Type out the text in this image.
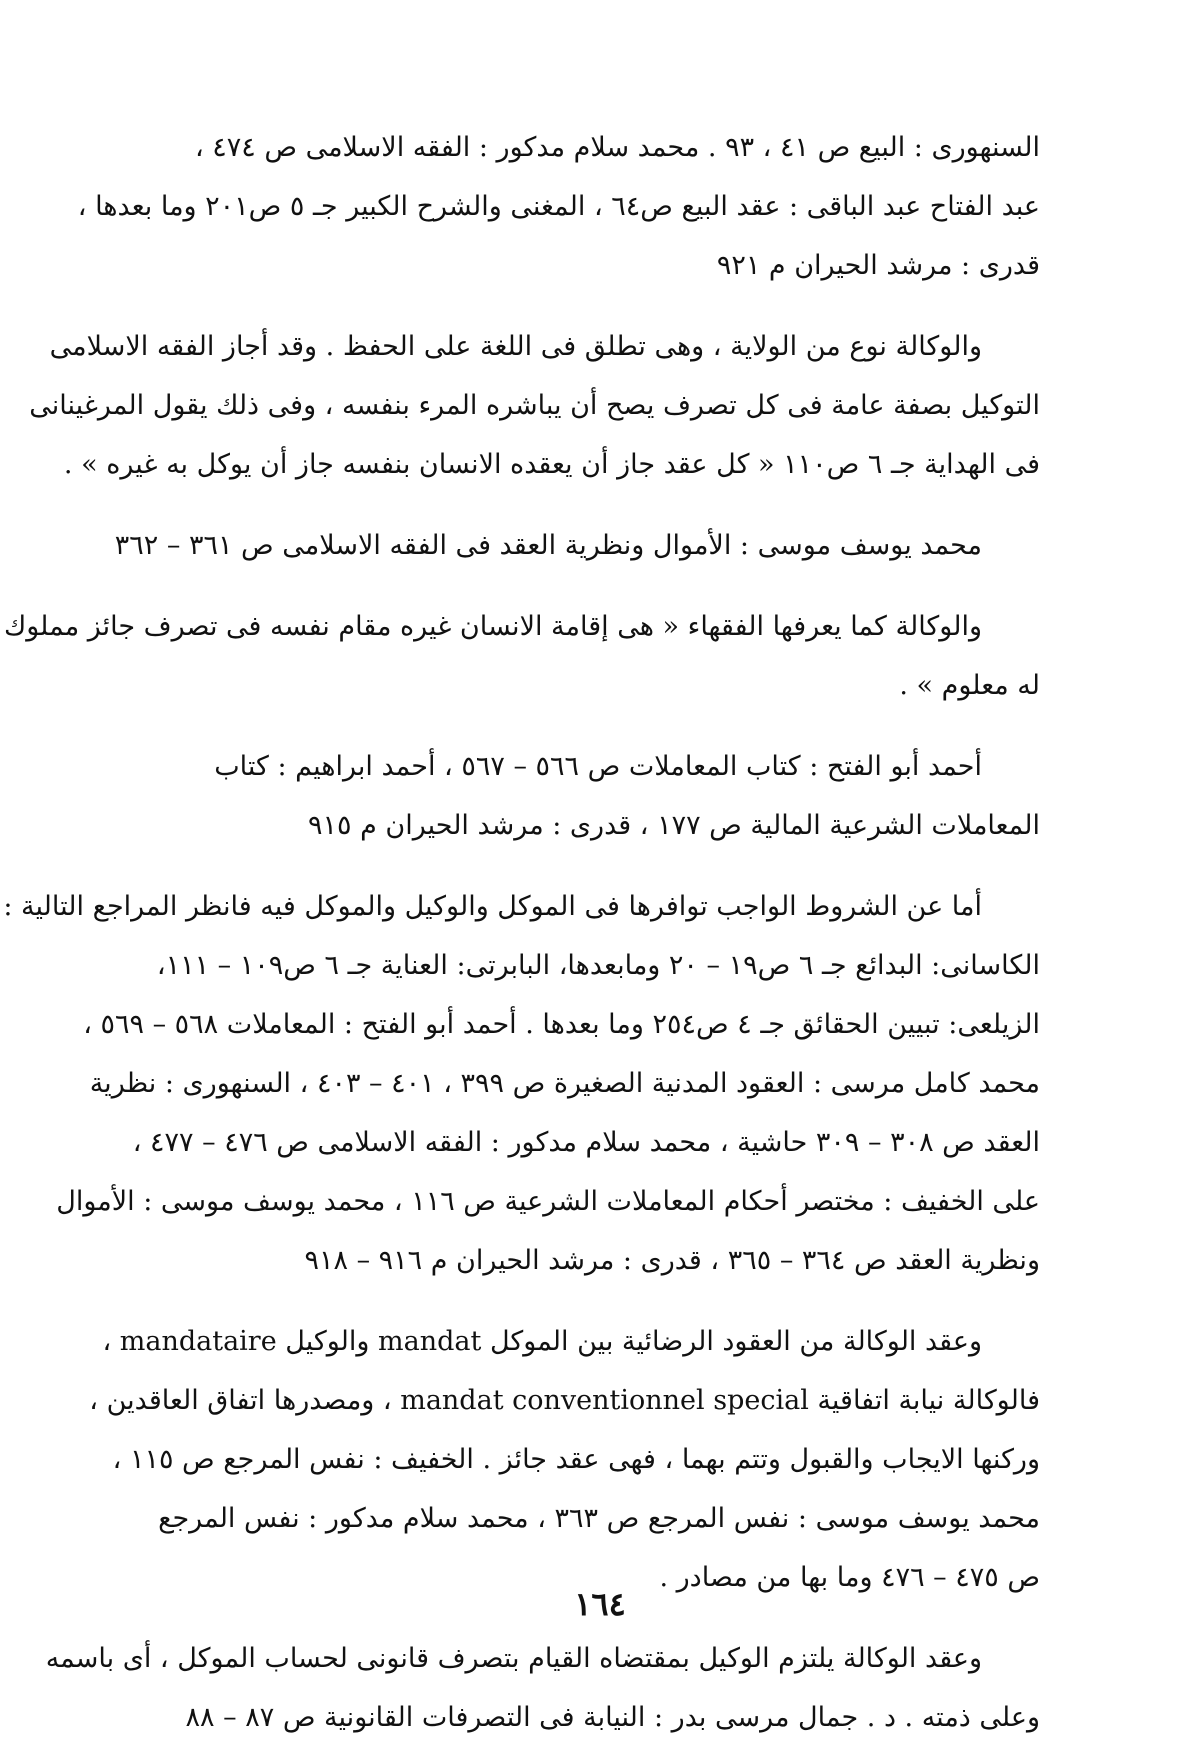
السنهوری : البیع ص ٤١ ، ٩٣ . محمد سلام مدكور : الفقه الاسلامی ص ٤٧٤ ،
عبد الفتاح عبد الباقی : عقد البیع ص٦٤ ، المغنی والشرح الكبیر جـ ٥ ص٢٠١ وما بعدها ،
قدری : مرشد الحیران م ٩٢١
والوكالة نوع من الولاية ، وهی تطلق فی اللغة علی الحفظ . وقد أجاز الفقه الاسلامی
التوكیل بصفة عامة فی كل تصرف یصح أن یباشره المرء بنفسه ، وفی ذلك یقول المرغینانی
فی الهدایة جـ ٦ ص١١٠ « كل عقد جاز أن یعقده الانسان بنفسه جاز أن یوكل به غیره » .
محمد یوسف موسی : الأموال ونظریة العقد فی الفقه الاسلامی ص ٣٦١ – ٣٦٢
والوكالة كما یعرفها الفقهاء « هی إقامة الانسان غیره مقام نفسه فی تصرف جائز مملوك
له معلوم » .
أحمد أبو الفتح : كتاب المعاملات ص ٥٦٦ – ٥٦٧ ، أحمد ابراهیم : كتاب
المعاملات الشرعیة المالیة ص ١٧٧ ، قدری : مرشد الحیران م ٩١٥
أما عن الشروط الواجب توافرها فی الموكل والوكیل والموكل فیه فانظر المراجع التالیة :
الكاسانی: البدائع جـ ٦ ص١٩ – ٢٠ ومابعدها، البابرتی: العنایة جـ ٦ ص١٠٩ – ١١١،
الزیلعی: تبیین الحقائق جـ ٤ ص٢٥٤ وما بعدها . أحمد أبو الفتح : المعاملات ٥٦٨ – ٥٦٩ ،
محمد كامل مرسی : العقود المدنیة الصغیرة ص ٣٩٩ ، ٤٠١ – ٤٠٣ ، السنهوری : نظریة
العقد ص ٣٠٨ – ٣٠٩ حاشیة ، محمد سلام مدكور : الفقه الاسلامی ص ٤٧٦ – ٤٧٧ ،
علی الخفیف : مختصر أحكام المعاملات الشرعیة ص ١١٦ ، محمد یوسف موسی : الأموال
ونظریة العقد ص ٣٦٤ – ٣٦٥ ، قدری : مرشد الحیران م ٩١٦ – ٩١٨
وعقد الوكالة من العقود الرضائیة بین الموكل mandat والوكیل mandataire ،
فالوكالة نیابة اتفاقیة mandat conventionnel special ، ومصدرها اتفاق العاقدین ،
وركنها الایجاب والقبول وتتم بهما ، فهی عقد جائز . الخفیف : نفس المرجع ص ١١٥ ،
محمد یوسف موسی : نفس المرجع ص ٣٦٣ ، محمد سلام مدكور : نفس المرجع
ص ٤٧٥ – ٤٧٦ وما بها من مصادر .
وعقد الوكالة یلتزم الوكیل بمقتضاه القیام بتصرف قانونی لحساب الموكل ، أی باسمه
وعلی ذمته . د . جمال مرسی بدر : النیابة فی التصرفات القانونیة ص ٨٧ – ٨٨
١٦٤
